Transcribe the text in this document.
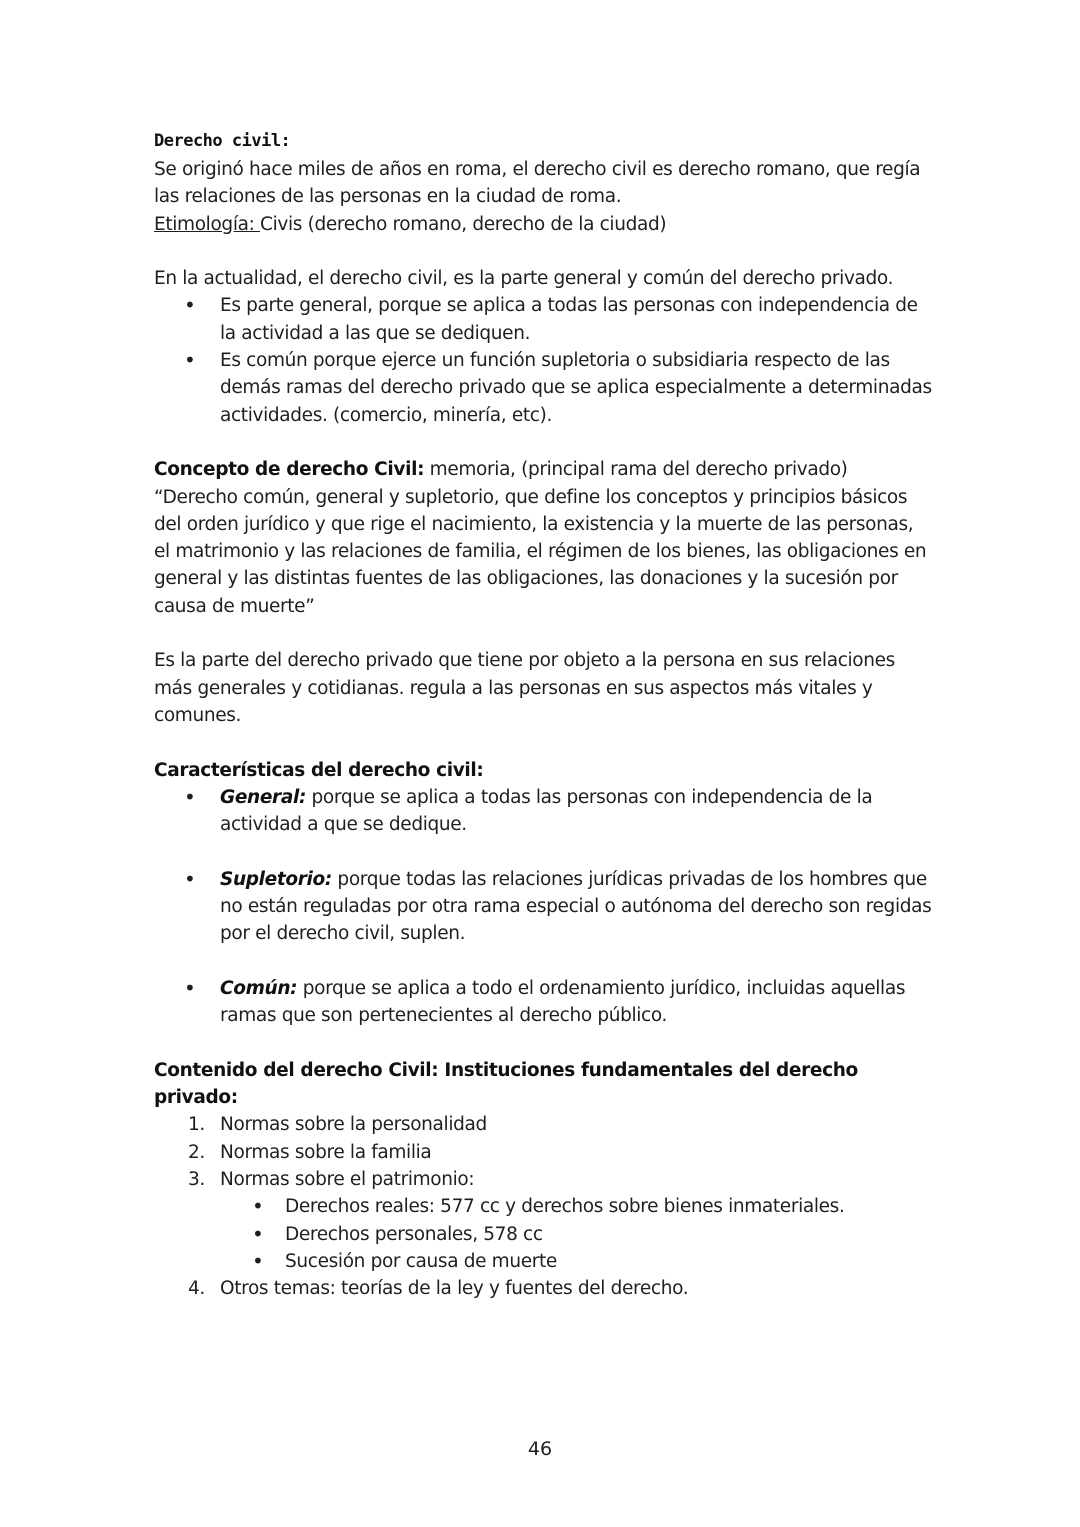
Derecho civil:

Se originó hace miles de años en roma, el derecho civil es derecho romano, que regía
las relaciones de las personas en la ciudad de roma.

Etimología: Civis (derecho romano, derecho de la ciudad)

En la actualidad, el derecho civil, es la parte general y común del derecho privado.

• Es parte general, porque se aplica a todas las personas con independencia de la actividad a las que se dediquen.
• Es común porque ejerce un función supletoria o subsidiaria respecto de las demás ramas del derecho privado que se aplica especialmente a determinadas actividades. (comercio, minería, etc).

Concepto de derecho Civil: memoria, (principal rama del derecho privado)

“Derecho común, general y supletorio, que define los conceptos y principios básicos del orden jurídico y que rige el nacimiento, la existencia y la muerte de las personas, el matrimonio y las relaciones de familia, el régimen de los bienes, las obligaciones en general y las distintas fuentes de las obligaciones, las donaciones y la sucesión por causa de muerte”

Es la parte del derecho privado que tiene por objeto a la persona en sus relaciones más generales y cotidianas. regula a las personas en sus aspectos más vitales y comunes.

Características del derecho civil:

• General: porque se aplica a todas las personas con independencia de la actividad a que se dedique.
• Supletorio: porque todas las relaciones jurídicas privadas de los hombres que no están reguladas por otra rama especial o autónoma del derecho son regidas por el derecho civil, suplen.
• Común: porque se aplica a todo el ordenamiento jurídico, incluidas aquellas ramas que son pertenecientes al derecho público.

Contenido del derecho Civil: Instituciones fundamentales del derecho privado:

1. Normas sobre la personalidad
2. Normas sobre la familia
3. Normas sobre el patrimonio:
• Derechos reales: 577 cc y derechos sobre bienes inmateriales.
• Derechos personales, 578 cc
• Sucesión por causa de muerte
4. Otros temas: teorías de la ley y fuentes del derecho.
46
